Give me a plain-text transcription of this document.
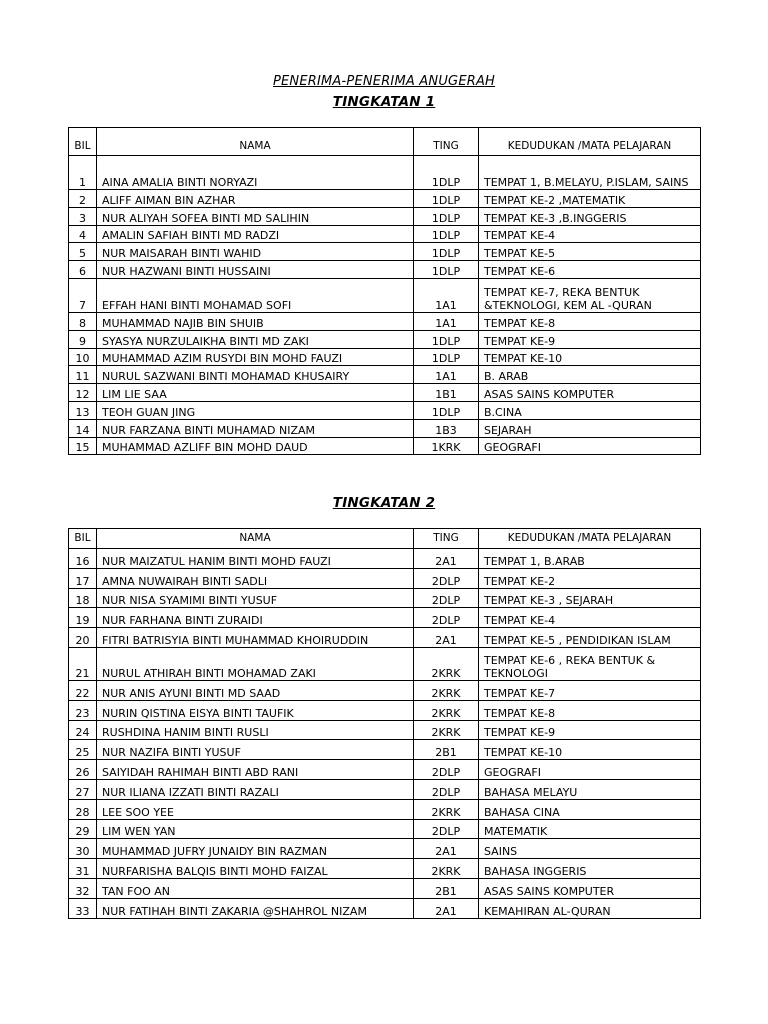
PENERIMA-PENERIMA ANUGERAH
TINGKATAN 1
BIL	NAMA	TING	KEDUDUKAN /MATA PELAJARAN
1	AINA AMALIA BINTI NORYAZI	1DLP	TEMPAT 1, B.MELAYU, P.ISLAM, SAINS
2	ALIFF AIMAN BIN AZHAR	1DLP	TEMPAT KE-2 ,MATEMATIK
3	NUR ALIYAH SOFEA BINTI MD SALIHIN	1DLP	TEMPAT KE-3 ,B.INGGERIS
4	AMALIN SAFIAH BINTI MD RADZI	1DLP	TEMPAT KE-4
5	NUR MAISARAH BINTI WAHID	1DLP	TEMPAT KE-5
6	NUR HAZWANI BINTI HUSSAINI	1DLP	TEMPAT KE-6
7	EFFAH HANI BINTI MOHAMAD SOFI	1A1	TEMPAT KE-7, REKA BENTUK &TEKNOLOGI, KEM AL -QURAN
8	MUHAMMAD NAJIB BIN SHUIB	1A1	TEMPAT KE-8
9	SYASYA NURZULAIKHA BINTI MD ZAKI	1DLP	TEMPAT KE-9
10	MUHAMMAD AZIM RUSYDI BIN MOHD FAUZI	1DLP	TEMPAT KE-10
11	NURUL SAZWANI BINTI MOHAMAD KHUSAIRY	1A1	B. ARAB
12	LIM LIE SAA	1B1	ASAS SAINS KOMPUTER
13	TEOH GUAN JING	1DLP	B.CINA
14	NUR FARZANA BINTI MUHAMAD NIZAM	1B3	SEJARAH
15	MUHAMMAD AZLIFF BIN MOHD DAUD	1KRK	GEOGRAFI
TINGKATAN 2
BIL	NAMA	TING	KEDUDUKAN /MATA PELAJARAN
16	NUR MAIZATUL HANIM BINTI MOHD FAUZI	2A1	TEMPAT 1, B.ARAB
17	AMNA NUWAIRAH BINTI SADLI	2DLP	TEMPAT KE-2
18	NUR NISA SYAMIMI BINTI YUSUF	2DLP	TEMPAT KE-3 , SEJARAH
19	NUR FARHANA BINTI ZURAIDI	2DLP	TEMPAT KE-4
20	FITRI BATRISYIA BINTI MUHAMMAD KHOIRUDDIN	2A1	TEMPAT KE-5 , PENDIDIKAN ISLAM
21	NURUL ATHIRAH BINTI MOHAMAD ZAKI	2KRK	TEMPAT KE-6 , REKA BENTUK & TEKNOLOGI
22	NUR ANIS AYUNI BINTI MD SAAD	2KRK	TEMPAT KE-7
23	NURIN QISTINA EISYA BINTI TAUFIK	2KRK	TEMPAT KE-8
24	RUSHDINA HANIM BINTI RUSLI	2KRK	TEMPAT KE-9
25	NUR NAZIFA BINTI YUSUF	2B1	TEMPAT KE-10
26	SAIYIDAH RAHIMAH BINTI ABD RANI	2DLP	GEOGRAFI
27	NUR ILIANA IZZATI BINTI RAZALI	2DLP	BAHASA MELAYU
28	LEE SOO YEE	2KRK	BAHASA CINA
29	LIM WEN YAN	2DLP	MATEMATIK
30	MUHAMMAD JUFRY JUNAIDY BIN RAZMAN	2A1	SAINS
31	NURFARISHA BALQIS BINTI MOHD FAIZAL	2KRK	BAHASA INGGERIS
32	TAN FOO AN	2B1	ASAS SAINS KOMPUTER
33	NUR FATIHAH BINTI ZAKARIA @SHAHROL NIZAM	2A1	KEMAHIRAN AL-QURAN
